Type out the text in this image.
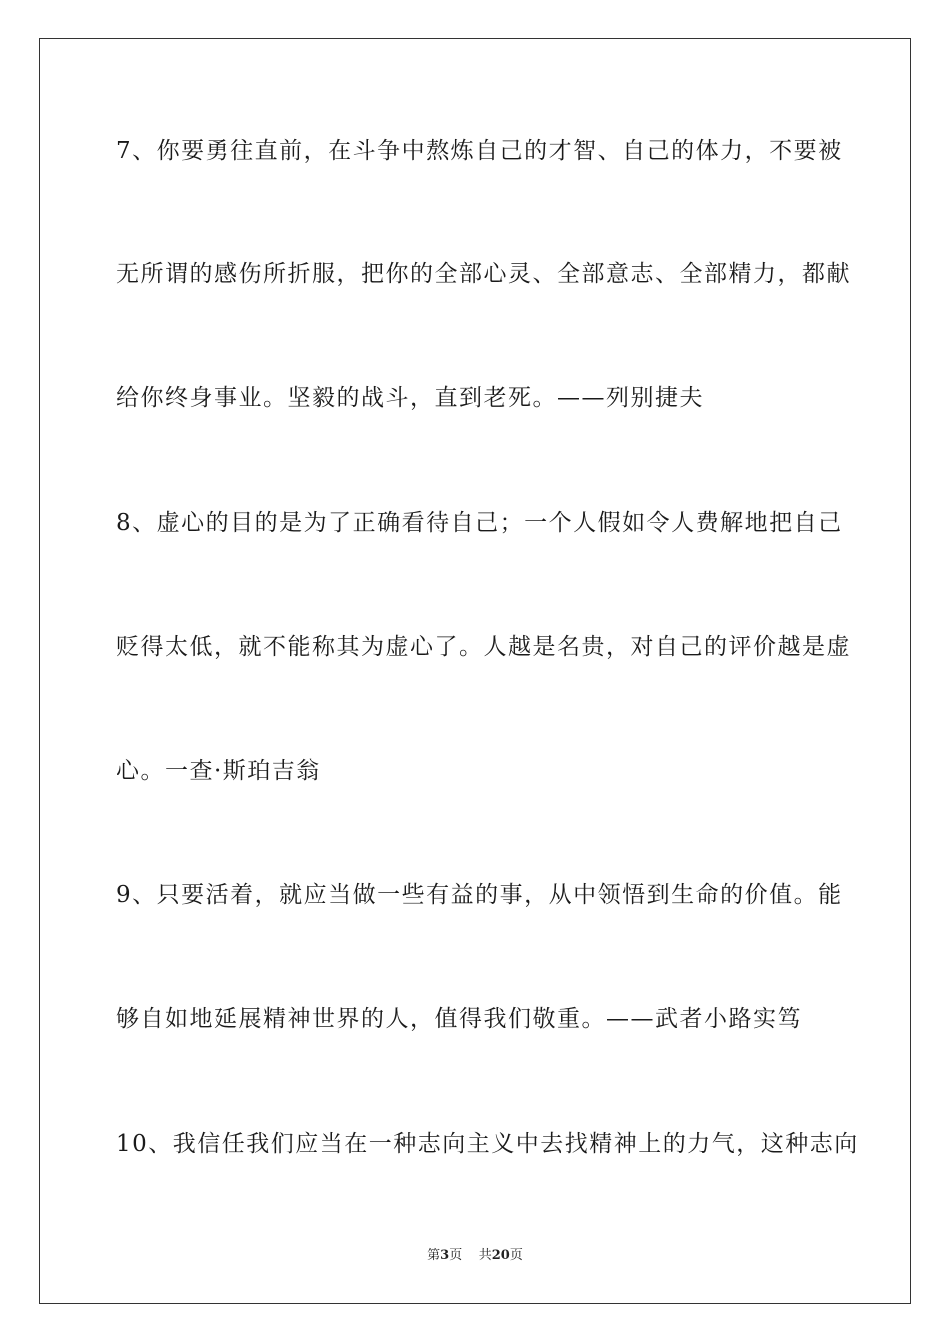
7、你要勇往直前，在斗争中熬炼自己的才智、自己的体力，不要被
无所谓的感伤所折服，把你的全部心灵、全部意志、全部精力，都献
给你终身事业。坚毅的战斗，直到老死。——列别捷夫
8、虚心的目的是为了正确看待自己；一个人假如令人费解地把自己
贬得太低，就不能称其为虚心了。人越是名贵，对自己的评价越是虚
心。一查·斯珀吉翁
9、只要活着，就应当做一些有益的事，从中领悟到生命的价值。能
够自如地延展精神世界的人，值得我们敬重。——武者小路实笃
10、我信任我们应当在一种志向主义中去找精神上的力气，这种志向
第3页 共20页
